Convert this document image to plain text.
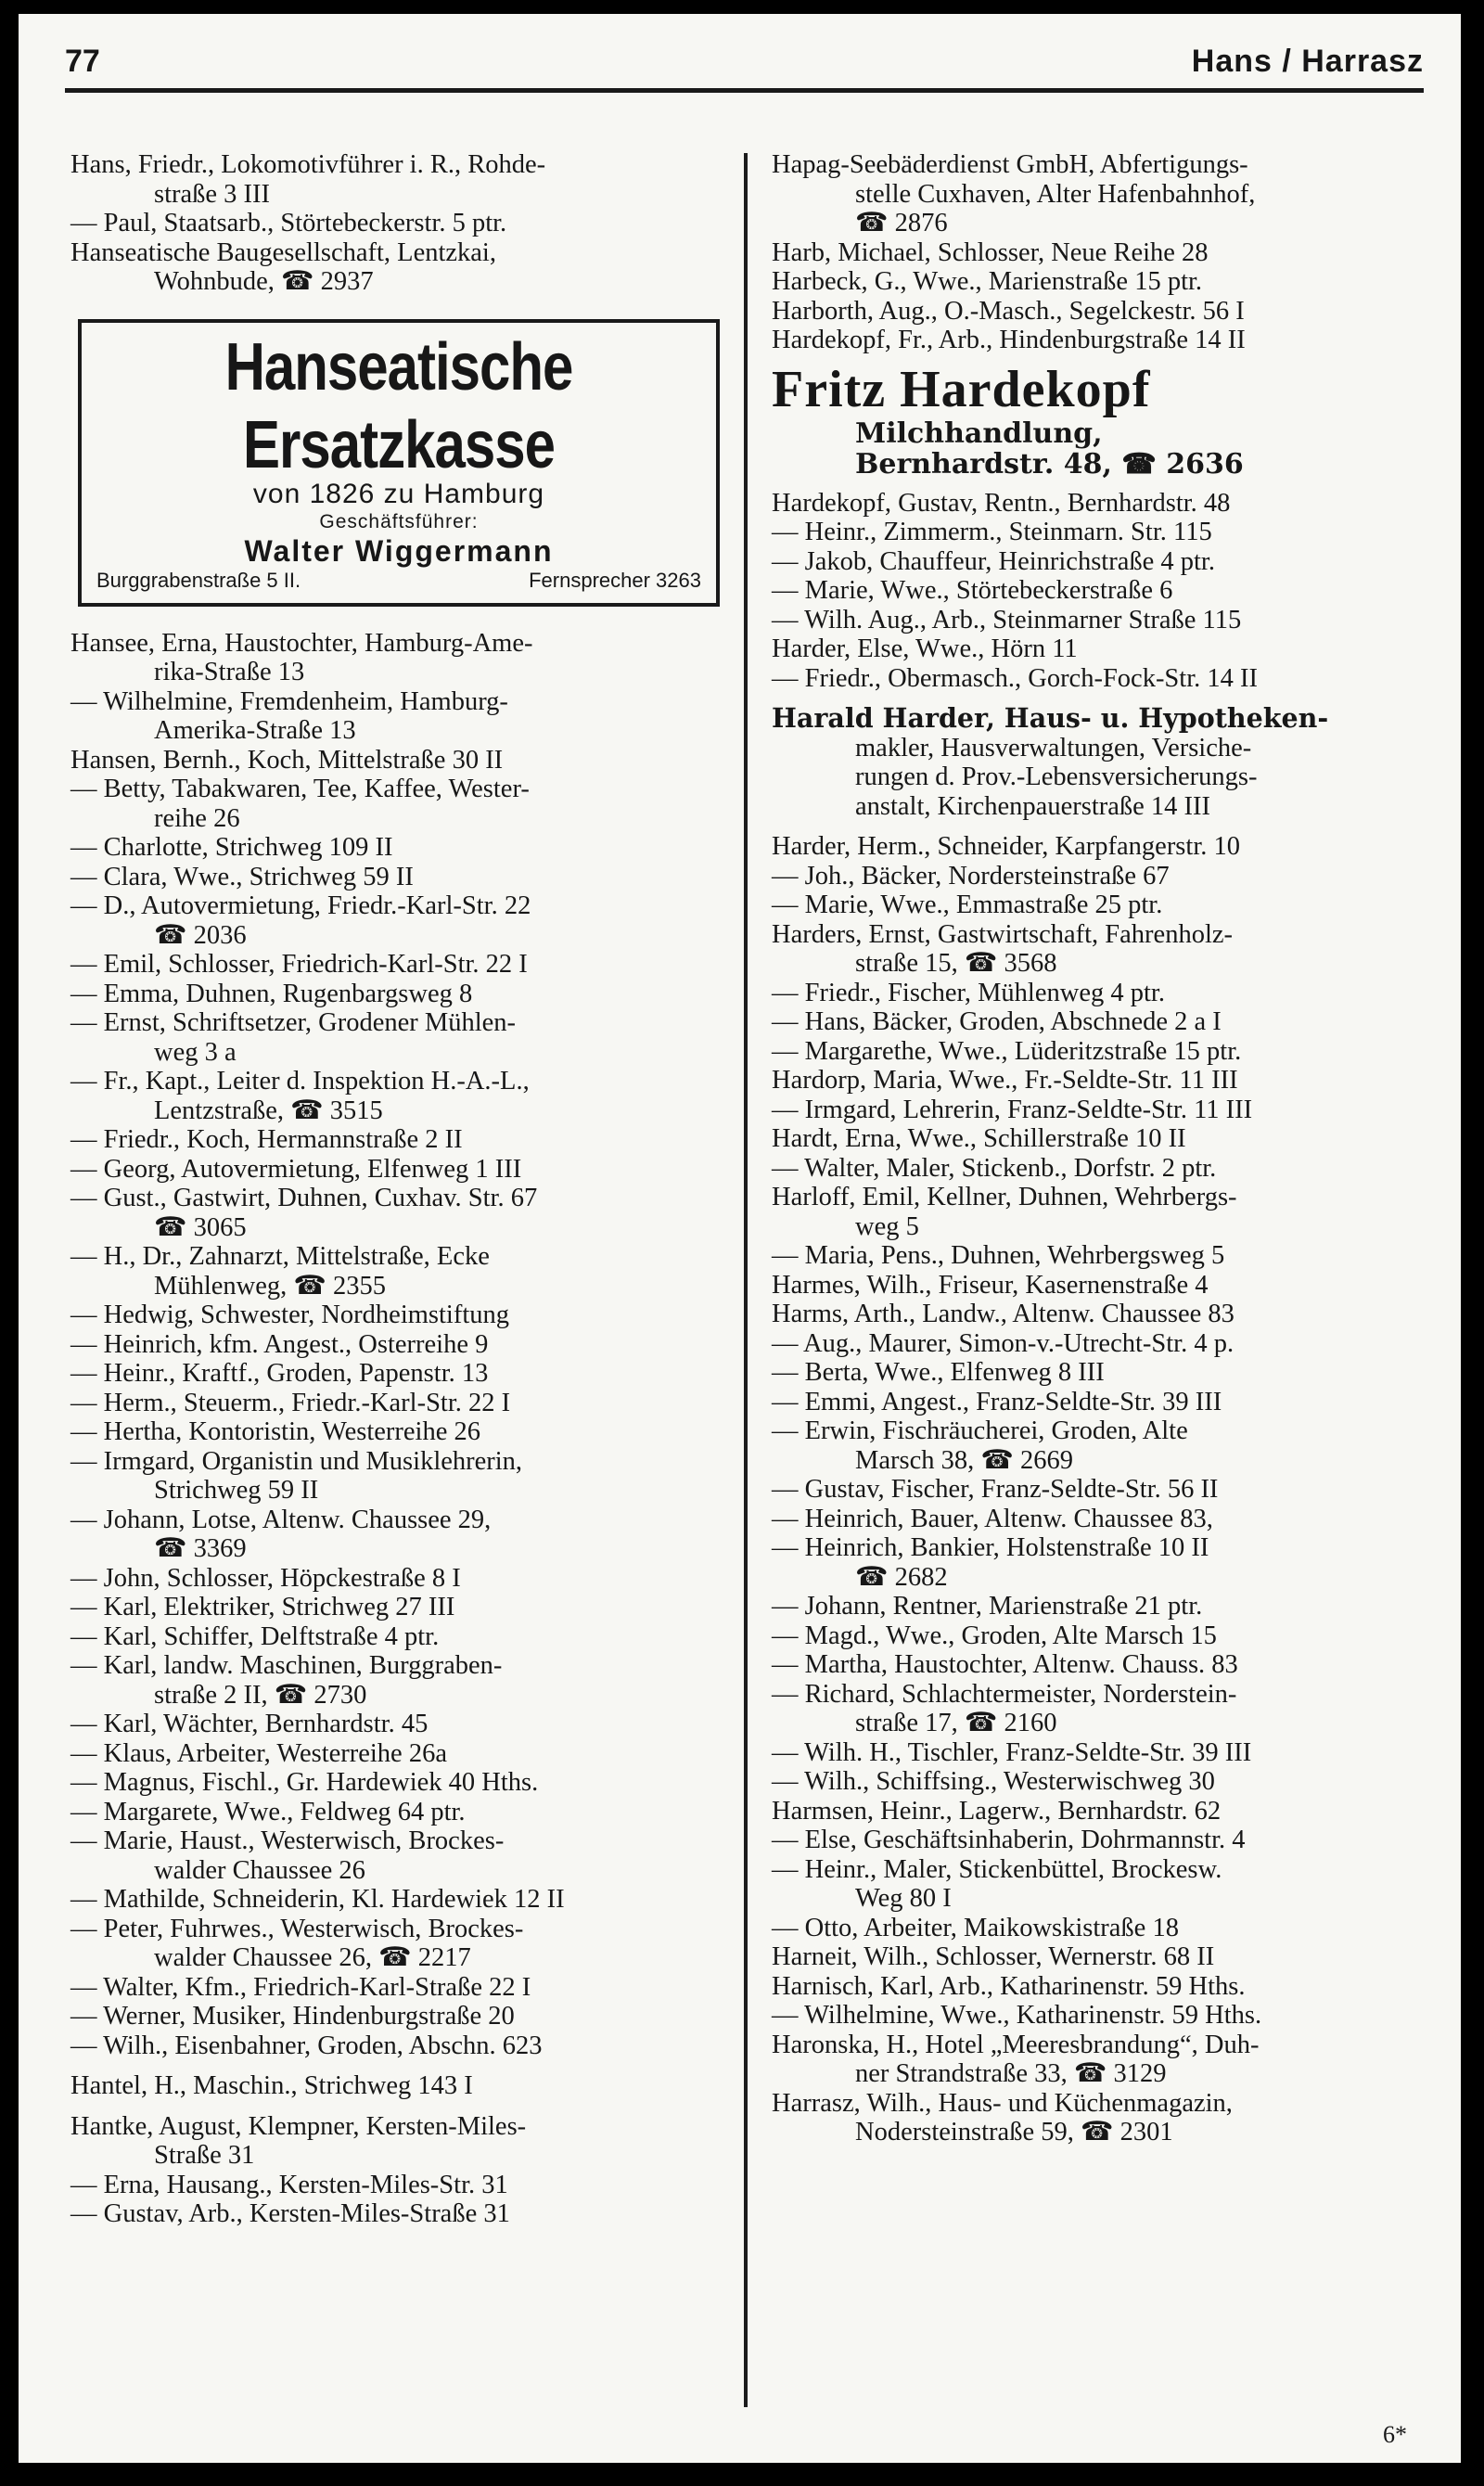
77	Hans / Harrasz
Hans, Friedr., Lokomotivführer i. R., Rohde-
straße 3 III
— Paul, Staatsarb., Störtebeckerstr. 5 ptr.
Hanseatische Baugesellschaft, Lentzkai,
Wohnbude, ☎ 2937
Hanseatische Ersatzkasse
von 1826 zu Hamburg
Geschäftsführer:
Walter Wiggermann
Burggrabenstraße 5 II.	Fernsprecher 3263
Hansee, Erna, Haustochter, Hamburg-Ame-
rika-Straße 13
— Wilhelmine, Fremdenheim, Hamburg-
Amerika-Straße 13
Hansen, Bernh., Koch, Mittelstraße 30 II
— Betty, Tabakwaren, Tee, Kaffee, Wester-
reihe 26
— Charlotte, Strichweg 109 II
— Clara, Wwe., Strichweg 59 II
— D., Autovermietung, Friedr.-Karl-Str. 22
☎ 2036
— Emil, Schlosser, Friedrich-Karl-Str. 22 I
— Emma, Duhnen, Rugenbargsweg 8
— Ernst, Schriftsetzer, Grodener Mühlen-
weg 3 a
— Fr., Kapt., Leiter d. Inspektion H.-A.-L.,
Lentzstraße, ☎ 3515
— Friedr., Koch, Hermannstraße 2 II
— Georg, Autovermietung, Elfenweg 1 III
— Gust., Gastwirt, Duhnen, Cuxhav. Str. 67
☎ 3065
— H., Dr., Zahnarzt, Mittelstraße, Ecke
Mühlenweg, ☎ 2355
— Hedwig, Schwester, Nordheimstiftung
— Heinrich, kfm. Angest., Osterreihe 9
— Heinr., Kraftf., Groden, Papenstr. 13
— Herm., Steuerm., Friedr.-Karl-Str. 22 I
— Hertha, Kontoristin, Westerreihe 26
— Irmgard, Organistin und Musiklehrerin,
Strichweg 59 II
— Johann, Lotse, Altenw. Chaussee 29,
☎ 3369
— John, Schlosser, Höpckestraße 8 I
— Karl, Elektriker, Strichweg 27 III
— Karl, Schiffer, Delftstraße 4 ptr.
— Karl, landw. Maschinen, Burggraben-
straße 2 II, ☎ 2730
— Karl, Wächter, Bernhardstr. 45
— Klaus, Arbeiter, Westerreihe 26a
— Magnus, Fischl., Gr. Hardewiek 40 Hths.
— Margarete, Wwe., Feldweg 64 ptr.
— Marie, Haust., Westerwisch, Brockes-
walder Chaussee 26
— Mathilde, Schneiderin, Kl. Hardewiek 12 II
— Peter, Fuhrwes., Westerwisch, Brockes-
walder Chaussee 26, ☎ 2217
— Walter, Kfm., Friedrich-Karl-Straße 22 I
— Werner, Musiker, Hindenburgstraße 20
— Wilh., Eisenbahner, Groden, Abschn. 623
Hantel, H., Maschin., Strichweg 143 I
Hantke, August, Klempner, Kersten-Miles-
Straße 31
— Erna, Hausang., Kersten-Miles-Str. 31
— Gustav, Arb., Kersten-Miles-Straße 31
Hapag-Seebäderdienst GmbH, Abfertigungs-
stelle Cuxhaven, Alter Hafenbahnhof,
☎ 2876
Harb, Michael, Schlosser, Neue Reihe 28
Harbeck, G., Wwe., Marienstraße 15 ptr.
Harborth, Aug., O.-Masch., Segelckestr. 56 I
Hardekopf, Fr., Arb., Hindenburgstraße 14 II
Fritz Hardekopf
Milchhandlung,
Bernhardstr. 48, ☎ 2636
Hardekopf, Gustav, Rentn., Bernhardstr. 48
— Heinr., Zimmerm., Steinmarn. Str. 115
— Jakob, Chauffeur, Heinrichstraße 4 ptr.
— Marie, Wwe., Störtebeckerstraße 6
— Wilh. Aug., Arb., Steinmarner Straße 115
Harder, Else, Wwe., Hörn 11
— Friedr., Obermasch., Gorch-Fock-Str. 14 II
Harald Harder, Haus- u. Hypotheken-
makler, Hausverwaltungen, Versiche-
rungen d. Prov.-Lebensversicherungs-
anstalt, Kirchenpauerstraße 14 III
Harder, Herm., Schneider, Karpfangerstr. 10
— Joh., Bäcker, Nordersteinstraße 67
— Marie, Wwe., Emmastraße 25 ptr.
Harders, Ernst, Gastwirtschaft, Fahrenholz-
straße 15, ☎ 3568
— Friedr., Fischer, Mühlenweg 4 ptr.
— Hans, Bäcker, Groden, Abschnede 2 a I
— Margarethe, Wwe., Lüderitzstraße 15 ptr.
Hardorp, Maria, Wwe., Fr.-Seldte-Str. 11 III
— Irmgard, Lehrerin, Franz-Seldte-Str. 11 III
Hardt, Erna, Wwe., Schillerstraße 10 II
— Walter, Maler, Stickenb., Dorfstr. 2 ptr.
Harloff, Emil, Kellner, Duhnen, Wehrbergs-
weg 5
— Maria, Pens., Duhnen, Wehrbergsweg 5
Harmes, Wilh., Friseur, Kasernenstraße 4
Harms, Arth., Landw., Altenw. Chaussee 83
— Aug., Maurer, Simon-v.-Utrecht-Str. 4 p.
— Berta, Wwe., Elfenweg 8 III
— Emmi, Angest., Franz-Seldte-Str. 39 III
— Erwin, Fischräucherei, Groden, Alte
Marsch 38, ☎ 2669
— Gustav, Fischer, Franz-Seldte-Str. 56 II
— Heinrich, Bauer, Altenw. Chaussee 83,
— Heinrich, Bankier, Holstenstraße 10 II
☎ 2682
— Johann, Rentner, Marienstraße 21 ptr.
— Magd., Wwe., Groden, Alte Marsch 15
— Martha, Haustochter, Altenw. Chauss. 83
— Richard, Schlachtermeister, Norderstein-
straße 17, ☎ 2160
— Wilh. H., Tischler, Franz-Seldte-Str. 39 III
— Wilh., Schiffsing., Westerwischweg 30
Harmsen, Heinr., Lagerw., Bernhardstr. 62
— Else, Geschäftsinhaberin, Dohrmannstr. 4
— Heinr., Maler, Stickenbüttel, Brockesw.
Weg 80 I
— Otto, Arbeiter, Maikowskistraße 18
Harneit, Wilh., Schlosser, Wernerstr. 68 II
Harnisch, Karl, Arb., Katharinenstr. 59 Hths.
— Wilhelmine, Wwe., Katharinenstr. 59 Hths.
Haronska, H., Hotel „Meeresbrandung“, Duh-
ner Strandstraße 33, ☎ 3129
Harrasz, Wilh., Haus- und Küchenmagazin,
Nodersteinstraße 59, ☎ 2301
6*
